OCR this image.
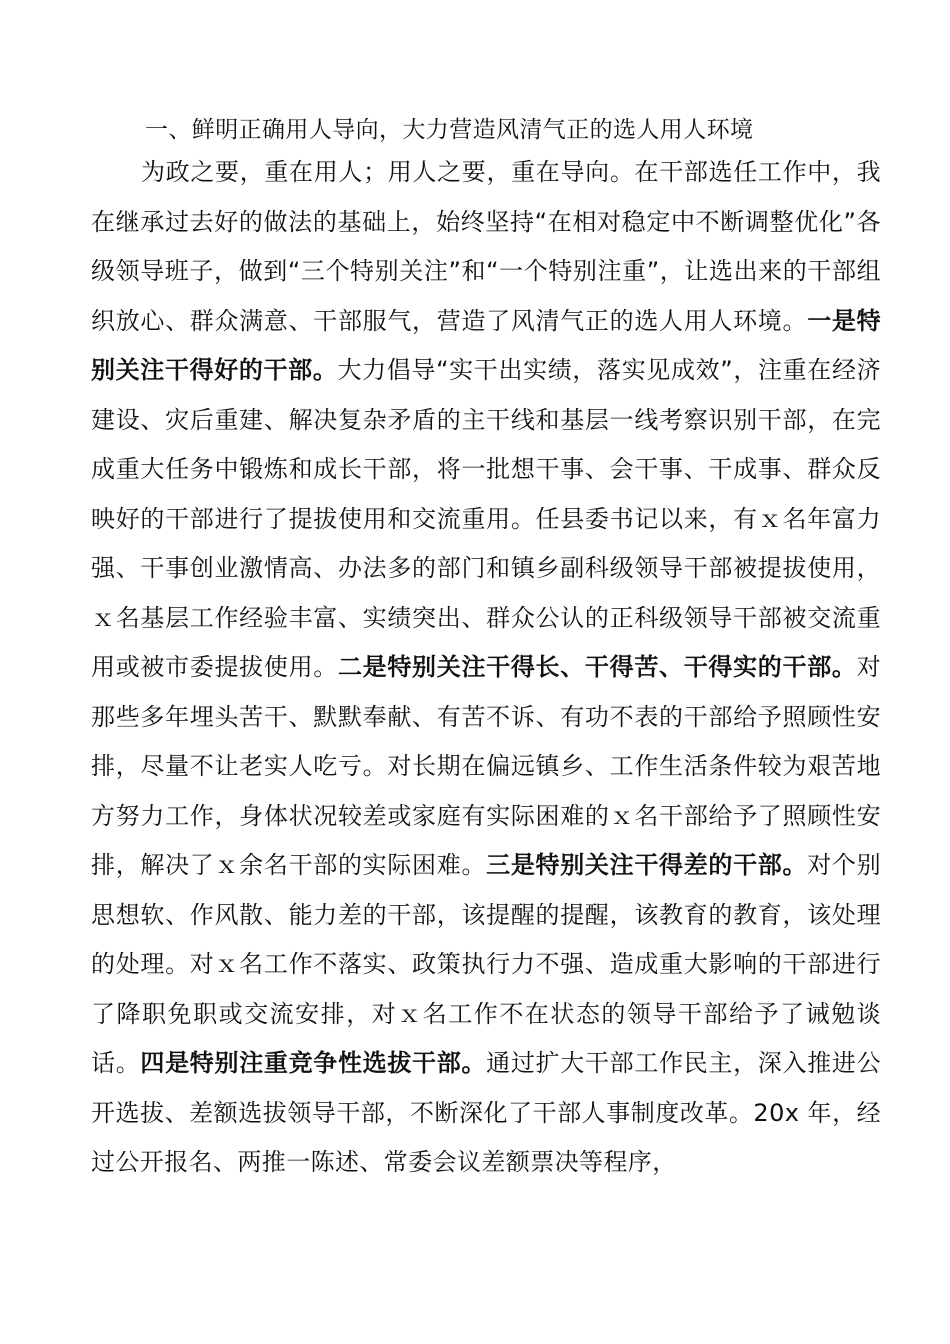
一、鲜明正确用人导向，大力营造风清气正的选人用人环境

为政之要，重在用人；用人之要，重在导向。在干部选任工作中，我在继承过去好的做法的基础上，始终坚持“在相对稳定中不断调整优化”各级领导班子，做到“三个特别关注”和“一个特别注重”，让选出来的干部组织放心、群众满意、干部服气，营造了风清气正的选人用人环境。一是特别关注干得好的干部。大力倡导“实干出实绩，落实见成效”，注重在经济建设、灾后重建、解决复杂矛盾的主干线和基层一线考察识别干部，在完成重大任务中锻炼和成长干部，将一批想干事、会干事、干成事、群众反映好的干部进行了提拔使用和交流重用。任县委书记以来，有ｘ名年富力强、干事创业激情高、办法多的部门和镇乡副科级领导干部被提拔使用，ｘ名基层工作经验丰富、实绩突出、群众公认的正科级领导干部被交流重用或被市委提拔使用。二是特别关注干得长、干得苦、干得实的干部。对那些多年埋头苦干、默默奉献、有苦不诉、有功不表的干部给予照顾性安排，尽量不让老实人吃亏。对长期在偏远镇乡、工作生活条件较为艰苦地方努力工作，身体状况较差或家庭有实际困难的ｘ名干部给予了照顾性安排，解决了ｘ余名干部的实际困难。三是特别关注干得差的干部。对个别思想软、作风散、能力差的干部，该提醒的提醒，该教育的教育，该处理的处理。对ｘ名工作不落实、政策执行力不强、造成重大影响的干部进行了降职免职或交流安排，对ｘ名工作不在状态的领导干部给予了诫勉谈话。四是特别注重竞争性选拔干部。通过扩大干部工作民主，深入推进公开选拔、差额选拔领导干部，不断深化了干部人事制度改革。20x 年，经过公开报名、两推一陈述、常委会议差额票决等程序，
